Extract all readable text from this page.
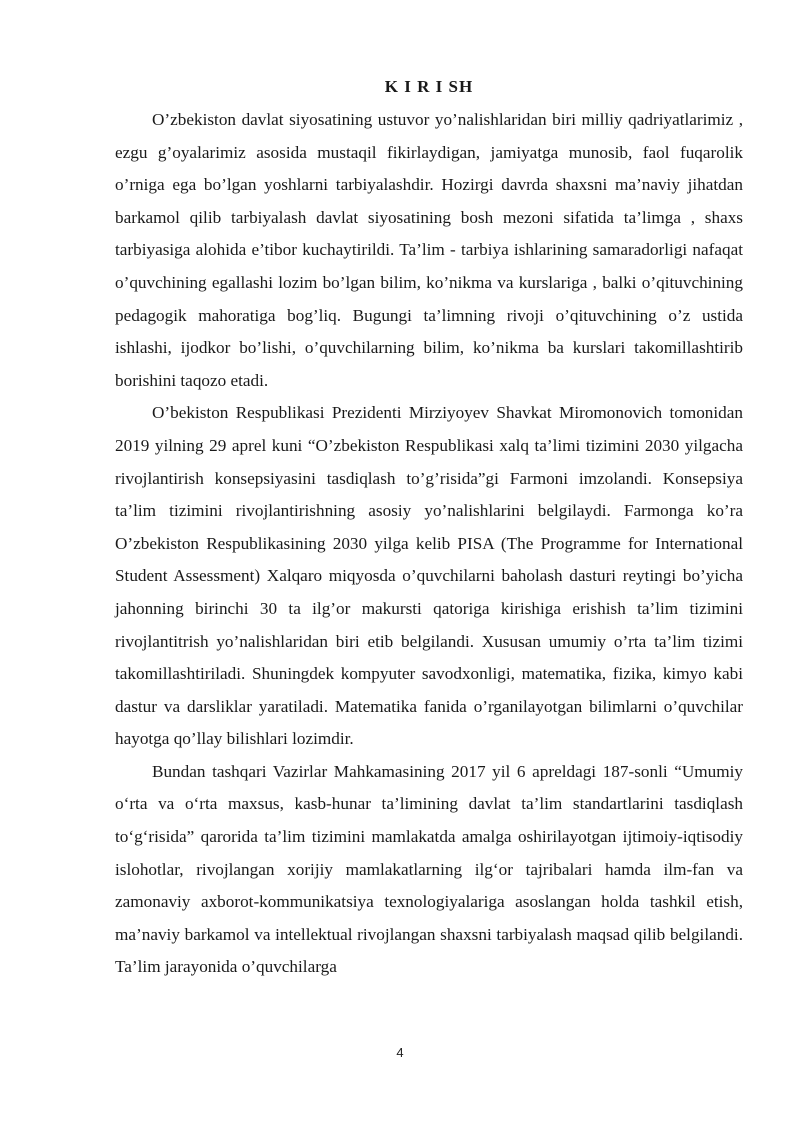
K I R I SH

O’zbekiston davlat siyosatining ustuvor yo’nalishlaridan biri milliy qadriyatlarimiz , ezgu g’oyalarimiz asosida mustaqil fikirlaydigan, jamiyatga munosib, faol fuqarolik o’rniga ega bo’lgan yoshlarni tarbiyalashdir. Hozirgi davrda shaxsni ma’naviy jihatdan barkamol qilib tarbiyalash davlat siyosatining bosh mezoni sifatida ta’limga , shaxs tarbiyasiga alohida e’tibor kuchaytirildi. Ta’lim - tarbiya ishlarining samaradorligi nafaqat o’quvchining egallashi lozim bo’lgan bilim, ko’nikma va kurslariga , balki o’qituvchining pedagogik mahoratiga bog’liq. Bugungi ta’limning rivoji o’qituvchining o’z ustida ishlashi, ijodkor bo’lishi, o’quvchilarning bilim, ko’nikma ba kurslari takomillashtirib borishini taqozo etadi.

O’bekiston Respublikasi Prezidenti Mirziyoyev Shavkat Miromonovich tomonidan 2019 yilning 29 aprel kuni “O’zbekiston Respublikasi xalq ta’limi tizimini 2030 yilgacha rivojlantirish konsepsiyasini tasdiqlash to’g’risida”gi Farmoni imzolandi. Konsepsiya ta’lim tizimini rivojlantirishning asosiy yo’nalishlarini belgilaydi. Farmonga ko’ra O’zbekiston Respublikasining 2030 yilga kelib PISA (The Programme for International Student Assessment) Xalqaro miqyosda o’quvchilarni baholash dasturi reytingi bo’yicha jahonning birinchi 30 ta ilg’or makursti qatoriga kirishiga erishish ta’lim tizimini rivojlantitrish yo’nalishlaridan biri etib belgilandi. Xususan umumiy o’rta ta’lim tizimi takomillashtiriladi. Shuningdek kompyuter savodxonligi, matematika, fizika, kimyo kabi dastur va darsliklar yaratiladi. Matematika fanida o’rganilayotgan bilimlarni o’quvchilar hayotga qo’llay bilishlari lozimdir.

Bundan tashqari Vazirlar Mahkamasining 2017 yil 6 apreldagi 187-sonli “Umumiy o‘rta va o‘rta maxsus, kasb-hunar ta’limining davlat ta’lim standartlarini tasdiqlash to‘g‘risida” qarorida ta’lim tizimini mamlakatda amalga oshirilayotgan ijtimoiy-iqtisodiy islohotlar, rivojlangan xorijiy mamlakatlarning ilg‘or tajribalari hamda ilm-fan va zamonaviy axborot-kommunikatsiya texnologiyalariga asoslangan holda tashkil etish, ma’naviy barkamol va intellektual rivojlangan shaxsni tarbiyalash maqsad qilib belgilandi. Ta’lim jarayonida o’quvchilarga

4
